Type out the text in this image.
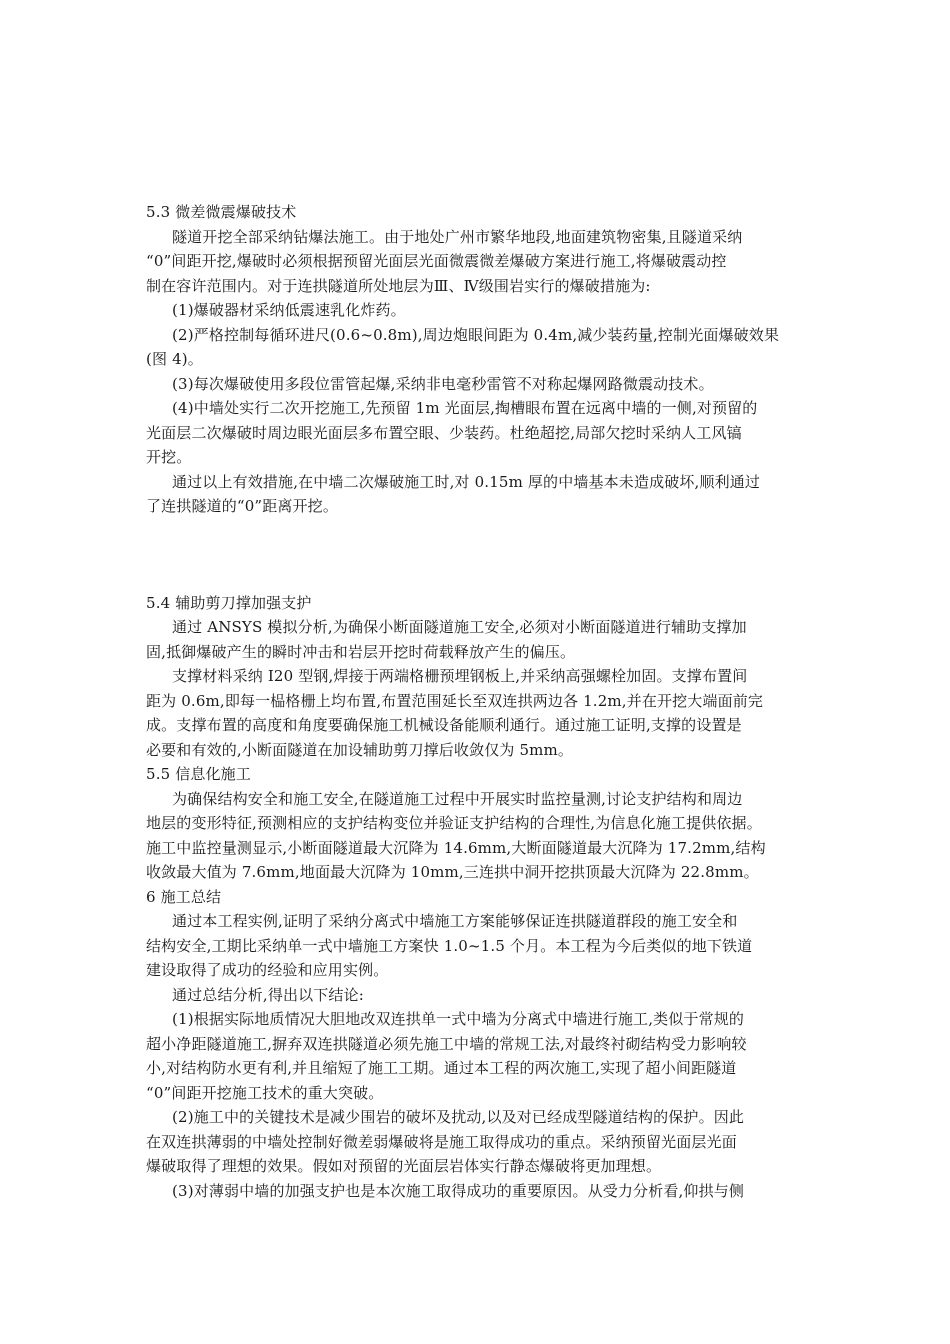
5.3 微差微震爆破技术
隧道开挖全部采纳钻爆法施工。由于地处广州市繁华地段,地面建筑物密集,且隧道采纳
“0”间距开挖,爆破时必须根据预留光面层光面微震微差爆破方案进行施工,将爆破震动控
制在容许范围内。对于连拱隧道所处地层为Ⅲ、Ⅳ级围岩实行的爆破措施为:
(1)爆破器材采纳低震速乳化炸药。
(2)严格控制每循环进尺(0.6~0.8m),周边炮眼间距为 0.4m,减少装药量,控制光面爆破效果
(图 4)。
(3)每次爆破使用多段位雷管起爆,采纳非电毫秒雷管不对称起爆网路微震动技术。
(4)中墙处实行二次开挖施工,先预留 1m 光面层,掏槽眼布置在远离中墙的一侧,对预留的
光面层二次爆破时周边眼光面层多布置空眼、少装药。杜绝超挖,局部欠挖时采纳人工风镐
开挖。
通过以上有效措施,在中墙二次爆破施工时,对 0.15m 厚的中墙基本未造成破坏,顺利通过
了连拱隧道的“0”距离开挖。
5.4 辅助剪刀撑加强支护
通过 ANSYS 模拟分析,为确保小断面隧道施工安全,必须对小断面隧道进行辅助支撑加
固,抵御爆破产生的瞬时冲击和岩层开挖时荷载释放产生的偏压。
支撑材料采纳 I20 型钢,焊接于两端格栅预埋钢板上,并采纳高强螺栓加固。支撑布置间
距为 0.6m,即每一榀格栅上均布置,布置范围延长至双连拱两边各 1.2m,并在开挖大端面前完
成。支撑布置的高度和角度要确保施工机械设备能顺利通行。通过施工证明,支撑的设置是
必要和有效的,小断面隧道在加设辅助剪刀撑后收敛仅为 5mm。
5.5 信息化施工
为确保结构安全和施工安全,在隧道施工过程中开展实时监控量测,讨论支护结构和周边
地层的变形特征,预测相应的支护结构变位并验证支护结构的合理性,为信息化施工提供依据。
施工中监控量测显示,小断面隧道最大沉降为 14.6mm,大断面隧道最大沉降为 17.2mm,结构
收敛最大值为 7.6mm,地面最大沉降为 10mm,三连拱中洞开挖拱顶最大沉降为 22.8mm。
6 施工总结
通过本工程实例,证明了采纳分离式中墙施工方案能够保证连拱隧道群段的施工安全和
结构安全,工期比采纳单一式中墙施工方案快 1.0~1.5 个月。本工程为今后类似的地下铁道
建设取得了成功的经验和应用实例。
通过总结分析,得出以下结论:
(1)根据实际地质情况大胆地改双连拱单一式中墙为分离式中墙进行施工,类似于常规的
超小净距隧道施工,摒弃双连拱隧道必须先施工中墙的常规工法,对最终衬砌结构受力影响较
小,对结构防水更有利,并且缩短了施工工期。通过本工程的两次施工,实现了超小间距隧道
“0”间距开挖施工技术的重大突破。
(2)施工中的关键技术是减少围岩的破坏及扰动,以及对已经成型隧道结构的保护。因此
在双连拱薄弱的中墙处控制好微差弱爆破将是施工取得成功的重点。采纳预留光面层光面
爆破取得了理想的效果。假如对预留的光面层岩体实行静态爆破将更加理想。
(3)对薄弱中墙的加强支护也是本次施工取得成功的重要原因。从受力分析看,仰拱与侧
